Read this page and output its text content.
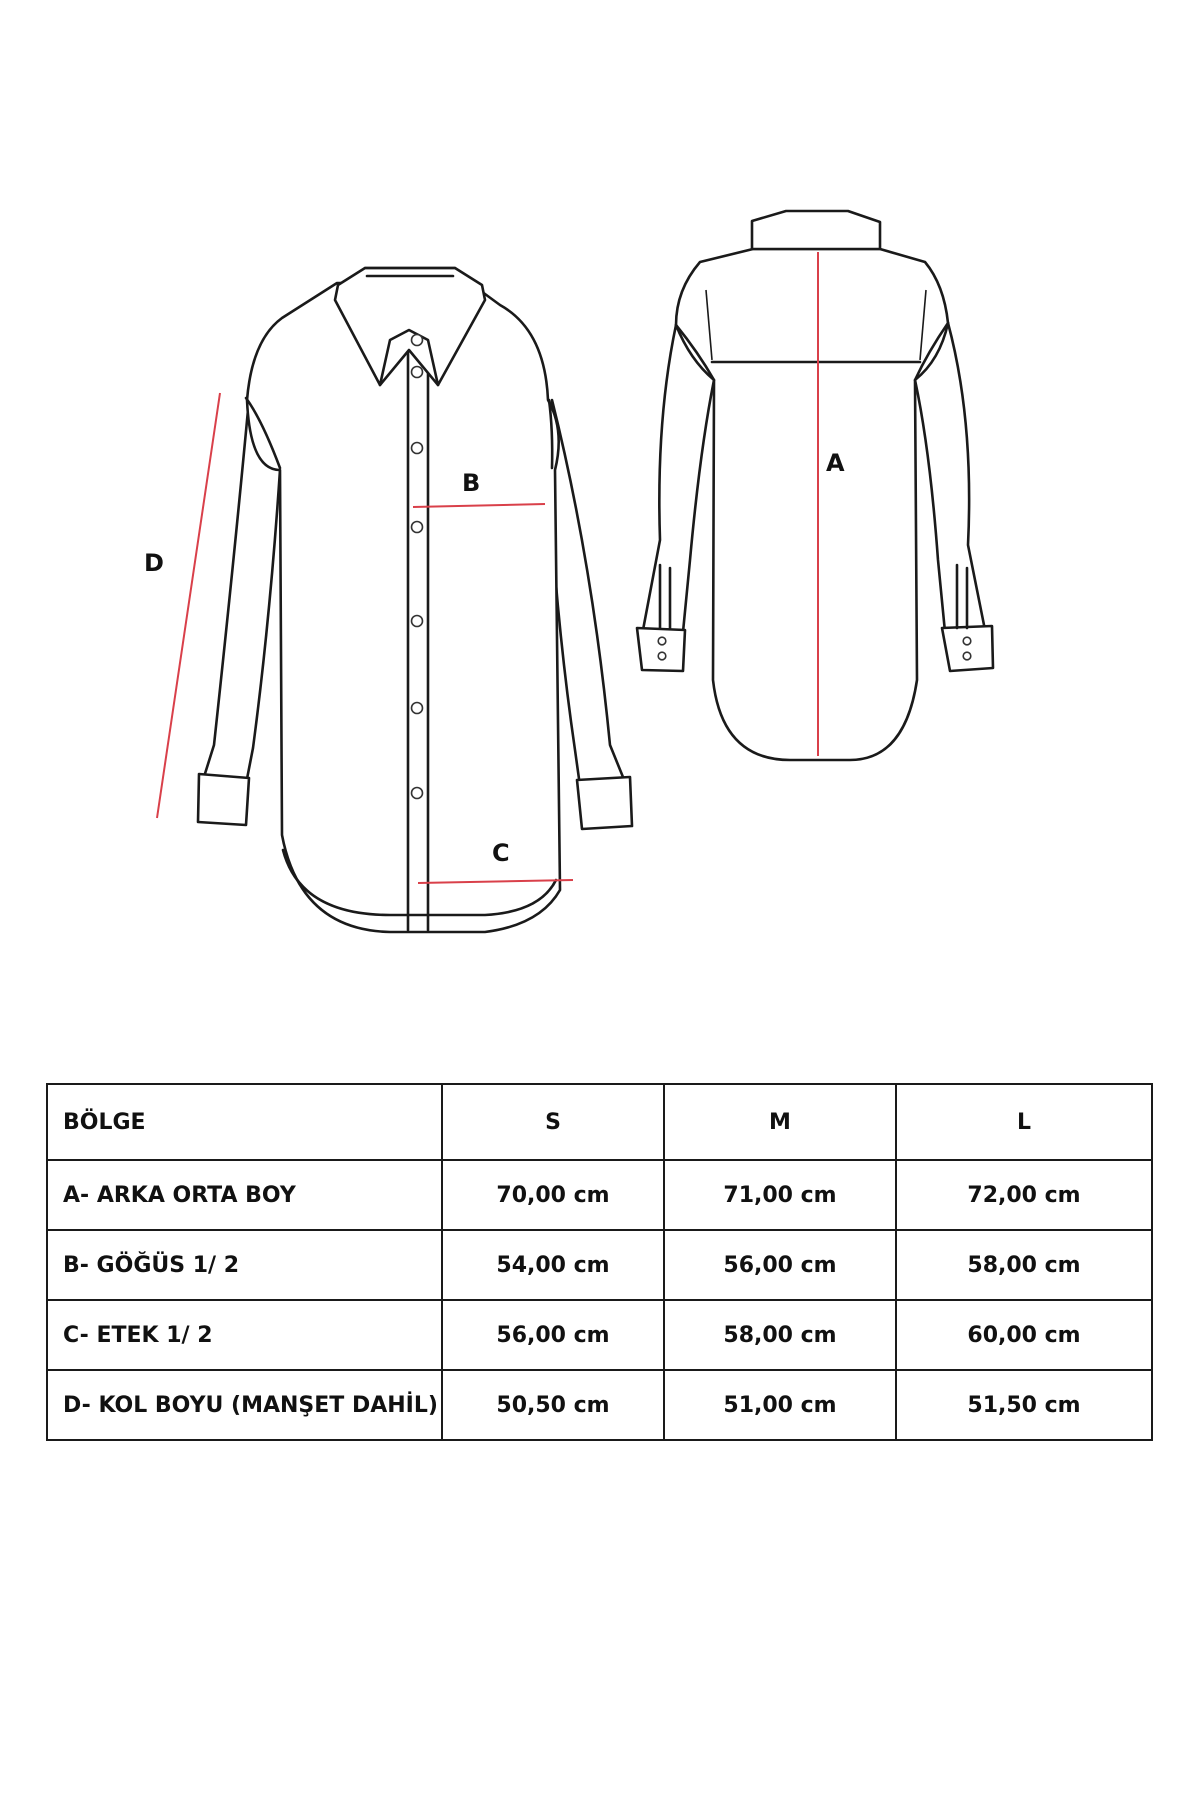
D
B
C
A
BÖLGE	S	M	L
A- ARKA ORTA BOY	70,00 cm	71,00 cm	72,00 cm
B- GÖĞÜS 1/ 2	54,00 cm	56,00 cm	58,00 cm
C- ETEK 1/ 2	56,00 cm	58,00 cm	60,00 cm
D- KOL BOYU (MANŞET DAHİL)	50,50 cm	51,00 cm	51,50 cm
